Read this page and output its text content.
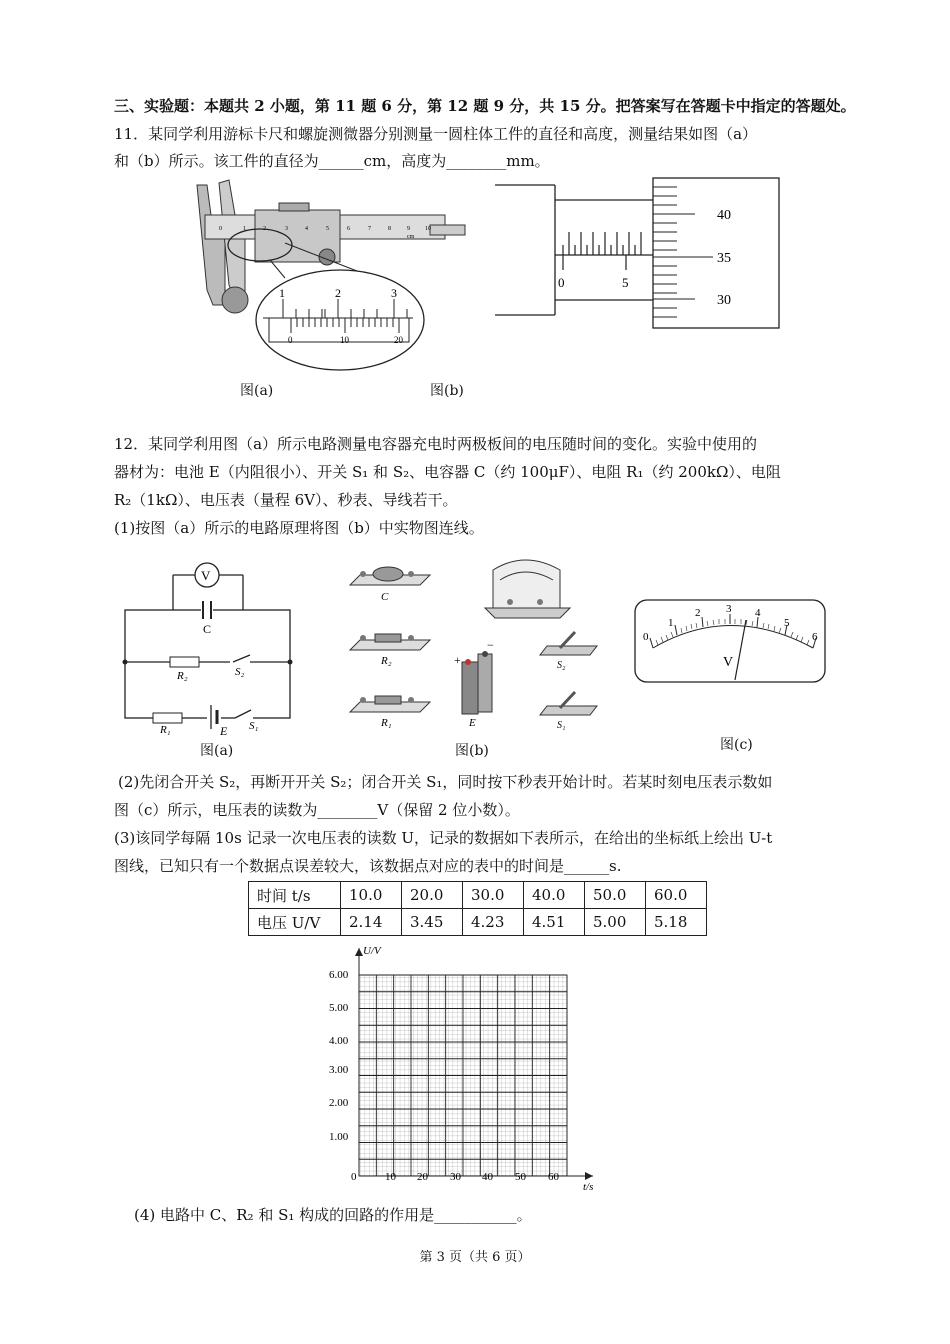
三、实验题：本题共 2 小题，第 11 题 6 分，第 12 题 9 分，共 15 分。把答案写在答题卡中指定的答题处。
11．某同学利用游标卡尺和螺旋测微器分别测量一圆柱体工件的直径和高度，测量结果如图（a）
和（b）所示。该工件的直径为______cm，高度为________mm。
0	1	2	3	4	5	6	7	8	9	10
cm
1	2	3
0	10	20
0	5
40
35
30
图(a)	图(b)
12．某同学利用图（a）所示电路测量电容器充电时两极板间的电压随时间的变化。实验中使用的
器材为：电池 E（内阻很小）、开关 S₁ 和 S₂、电容器 C（约 100μF）、电阻 R₁（约 200kΩ）、电阻
R₂（1kΩ）、电压表（量程 6V）、秒表、导线若干。
(1)按图（a）所示的电路原理将图（b）中实物图连线。
V
C
R₂	S₂
R₁	E S₁
图(a)
C
R₂
R₁
+
−
E
S₂
S₁
图(b)
0
1
2 3 4
5
6
V
图(c)
(2)先闭合开关 S₂，再断开开关 S₂；闭合开关 S₁，同时按下秒表开始计时。若某时刻电压表示数如
图（c）所示，电压表的读数为________V（保留 2 位小数）。
(3)该同学每隔 10s 记录一次电压表的读数 U，记录的数据如下表所示，在给出的坐标纸上绘出 U-t
图线，已知只有一个数据点误差较大，该数据点对应的表中的时间是______s.
时间 t/s	10.0	20.0	30.0	40.0	50.0	60.0
电压 U/V	2.14	3.45	4.23	4.51	5.00	5.18
U/V
t/s
6.00
5.00
4.00
3.00
2.00
1.00
0	10 20 30 40 50 60
(4) 电路中 C、R₂ 和 S₁ 构成的回路的作用是___________。
第 3 页（共 6 页）
